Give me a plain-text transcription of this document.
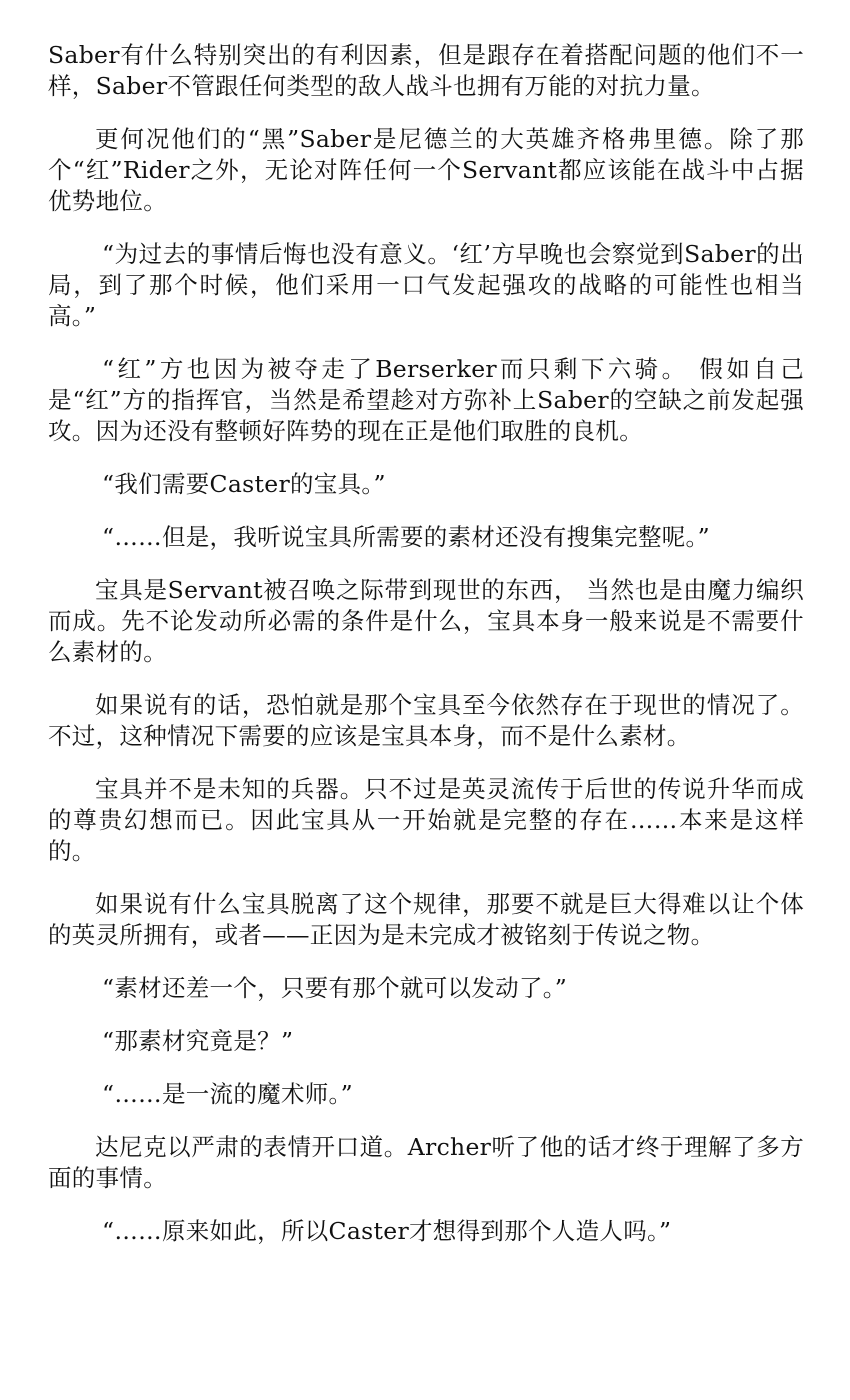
Saber有什么特别突出的有利因素，但是跟存在着搭配问题的他们不一样，Saber不管跟任何类型的敌人战斗也拥有万能的对抗力量。

更何况他们的“黑”Saber是尼德兰的大英雄齐格弗里德。除了那个“红”Rider之外，无论对阵任何一个Servant都应该能在战斗中占据优势地位。

“为过去的事情后悔也没有意义。‘红’方早晚也会察觉到Saber的出局，到了那个时候，他们采用一口气发起强攻的战略的可能性也相当高。”

“红”方也因为被夺走了Berserker而只剩下六骑。 假如自己是“红”方的指挥官，当然是希望趁对方弥补上Saber的空缺之前发起强攻。因为还没有整顿好阵势的现在正是他们取胜的良机。

“我们需要Caster的宝具。”

“……但是，我听说宝具所需要的素材还没有搜集完整呢。”

宝具是Servant被召唤之际带到现世的东西， 当然也是由魔力编织而成。先不论发动所必需的条件是什么，宝具本身一般来说是不需要什么素材的。

如果说有的话，恐怕就是那个宝具至今依然存在于现世的情况了。不过，这种情况下需要的应该是宝具本身，而不是什么素材。

宝具并不是未知的兵器。只不过是英灵流传于后世的传说升华而成的尊贵幻想而已。因此宝具从一开始就是完整的存在……本来是这样的。

如果说有什么宝具脱离了这个规律，那要不就是巨大得难以让个体的英灵所拥有，或者——正因为是未完成才被铭刻于传说之物。

“素材还差一个，只要有那个就可以发动了。”

“那素材究竟是？”

“……是一流的魔术师。”

达尼克以严肃的表情开口道。Archer听了他的话才终于理解了多方面的事情。

“……原来如此，所以Caster才想得到那个人造人吗。”
